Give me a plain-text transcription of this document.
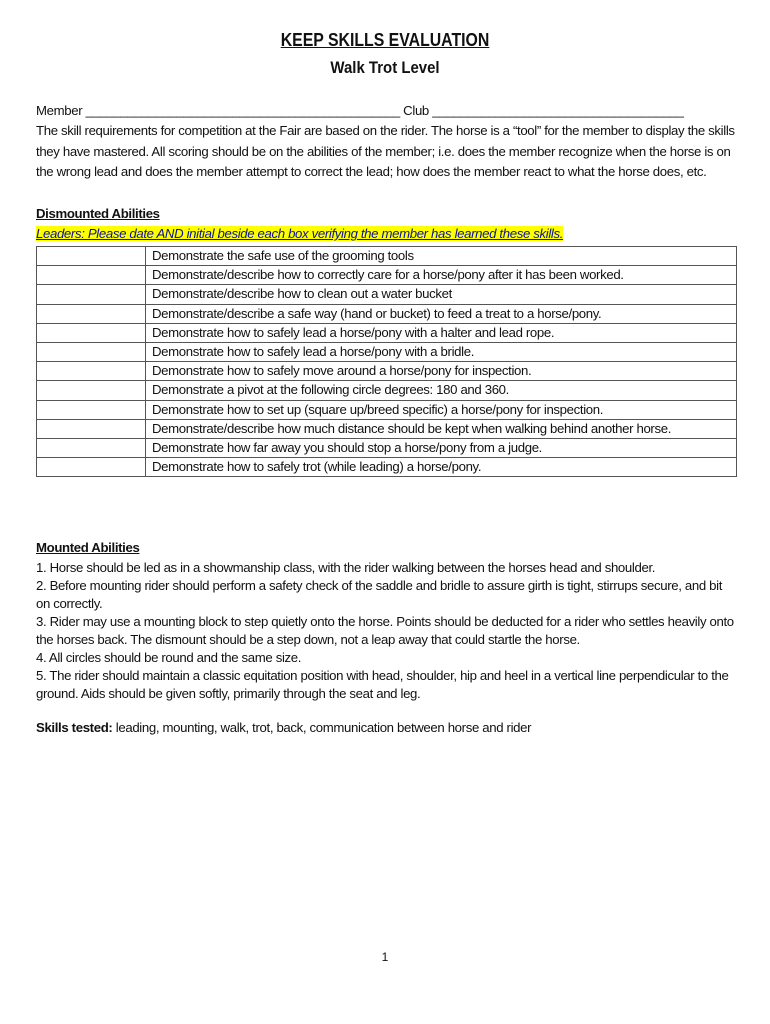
KEEP SKILLS EVALUATION
Walk Trot Level
Member _____________________________________________ Club ____________________________________
The skill requirements for competition at the Fair are based on the rider. The horse is a “tool” for the member to display the skills they have mastered. All scoring should be on the abilities of the member; i.e. does the member recognize when the horse is on the wrong lead and does the member attempt to correct the lead; how does the member react to what the horse does, etc.
Dismounted Abilities
Leaders: Please date AND initial beside each box verifying the member has learned these skills.
	Demonstrate the safe use of the grooming tools
	Demonstrate/describe how to correctly care for a horse/pony after it has been worked.
	Demonstrate/describe how to clean out a water bucket
	Demonstrate/describe a safe way (hand or bucket) to feed a treat to a horse/pony.
	Demonstrate how to safely lead a horse/pony with a halter and lead rope.
	Demonstrate how to safely lead a horse/pony with a bridle.
	Demonstrate how to safely move around a horse/pony for inspection.
	Demonstrate a pivot at the following circle degrees: 180 and 360.
	Demonstrate how to set up (square up/breed specific) a horse/pony for inspection.
	Demonstrate/describe how much distance should be kept when walking behind another horse.
	Demonstrate how far away you should stop a horse/pony from a judge.
	Demonstrate how to safely trot (while leading) a horse/pony.
Mounted Abilities
1. Horse should be led as in a showmanship class, with the rider walking between the horses head and shoulder.
2. Before mounting rider should perform a safety check of the saddle and bridle to assure girth is tight, stirrups secure, and bit on correctly.
3. Rider may use a mounting block to step quietly onto the horse. Points should be deducted for a rider who settles heavily onto the horses back. The dismount should be a step down, not a leap away that could startle the horse.
4. All circles should be round and the same size.
5. The rider should maintain a classic equitation position with head, shoulder, hip and heel in a vertical line perpendicular to the ground. Aids should be given softly, primarily through the seat and leg.
Skills tested: leading, mounting, walk, trot, back, communication between horse and rider
1
